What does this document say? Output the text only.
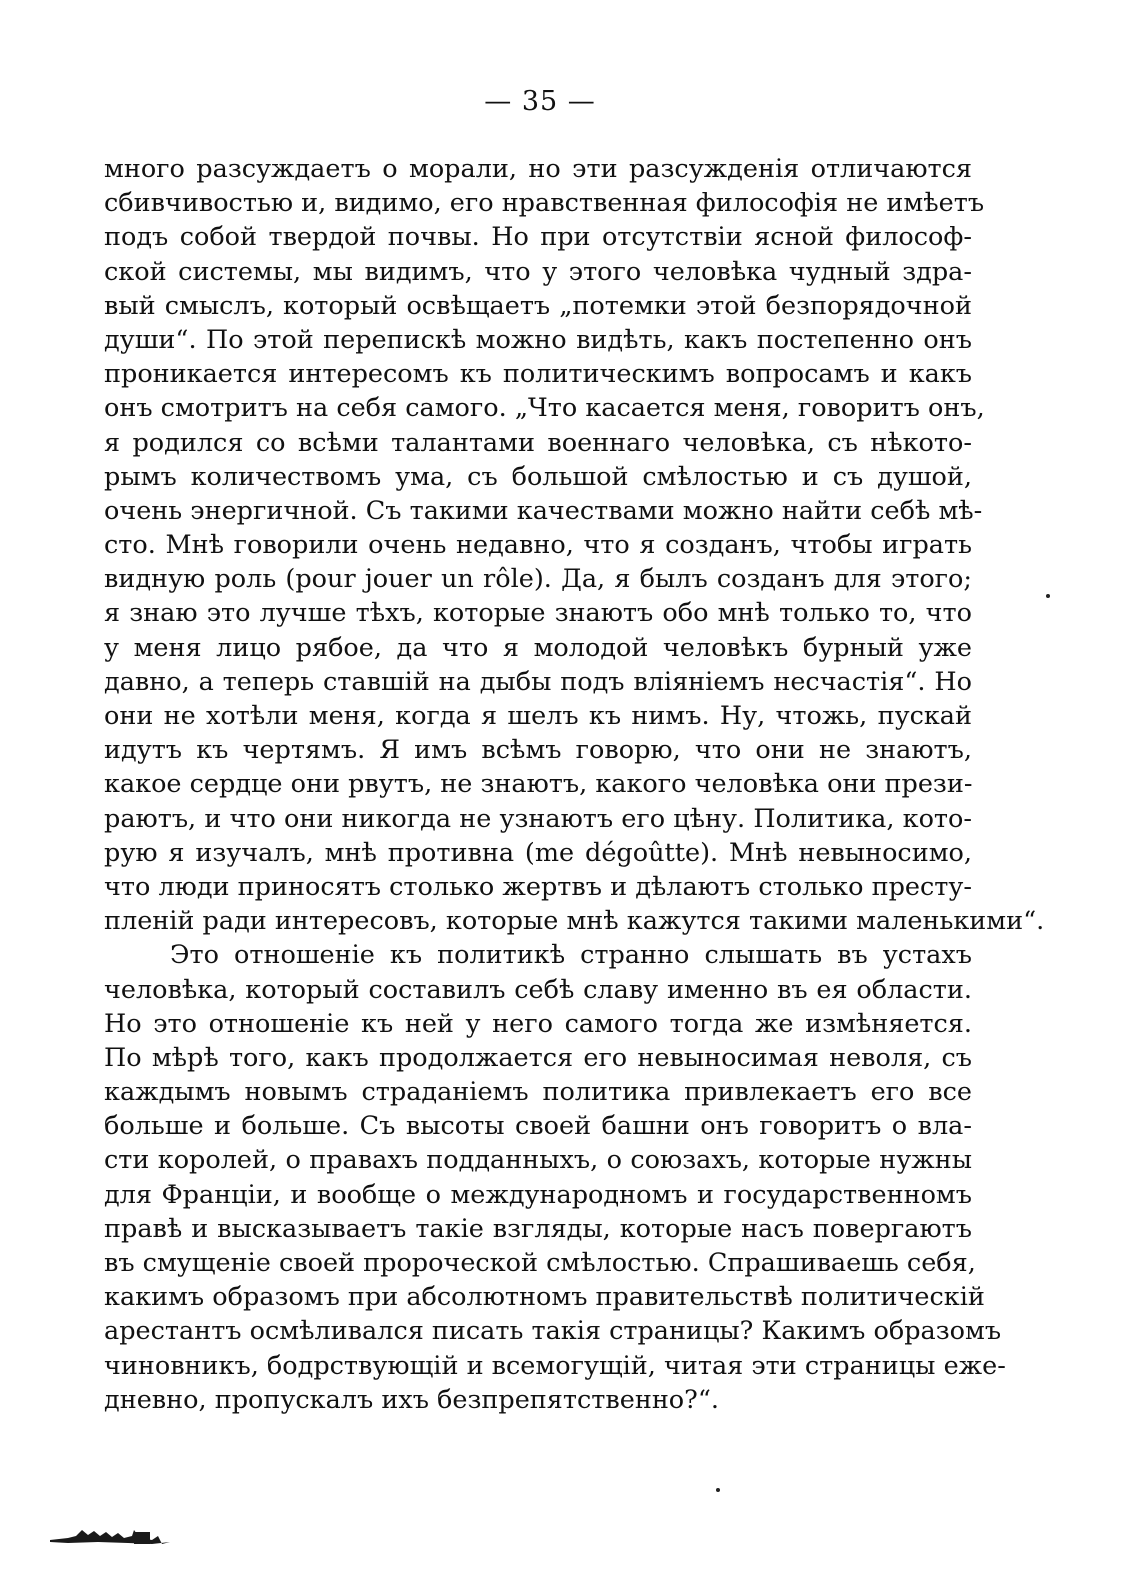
— 35 —
много разсуждаетъ о морали, но эти разсужденія отличаются
сбивчивостью и, видимо, его нравственная философія не имѣетъ
подъ собой твердой почвы. Но при отсутствіи ясной философ-
ской системы, мы видимъ, что у этого человѣка чудный здра-
вый смыслъ, который освѣщаетъ „потемки этой безпорядочной
души“. По этой перепискѣ можно видѣть, какъ постепенно онъ
проникается интересомъ къ политическимъ вопросамъ и какъ
онъ смотритъ на себя самого. „Что касается меня, говоритъ онъ,
я родился со всѣми талантами военнаго человѣка, съ нѣкото-
рымъ количествомъ ума, съ большой смѣлостью и съ душой,
очень энергичной. Съ такими качествами можно найти себѣ мѣ-
сто. Мнѣ говорили очень недавно, что я созданъ, чтобы играть
видную роль (pour jouer un rôle). Да, я былъ созданъ для этого;
я знаю это лучше тѣхъ, которые знаютъ обо мнѣ только то, что
у меня лицо рябое, да что я молодой человѣкъ бурный уже
давно, а теперь ставшій на дыбы подъ вліяніемъ несчастія“. Но
они не хотѣли меня, когда я шелъ къ нимъ. Ну, чтожь, пускай
идутъ къ чертямъ. Я имъ всѣмъ говорю, что они не знаютъ,
какое сердце они рвутъ, не знаютъ, какого человѣка они прези-
раютъ, и что они никогда не узнаютъ его цѣну. Политика, кото-
рую я изучалъ, мнѣ противна (me dégoûtte). Мнѣ невыносимо,
что люди приносятъ столько жертвъ и дѣлаютъ столько престу-
пленій ради интересовъ, которые мнѣ кажутся такими маленькими“.
Это отношеніе къ политикѣ странно слышать въ устахъ
человѣка, который составилъ себѣ славу именно въ ея области.
Но это отношеніе къ ней у него самого тогда же измѣняется.
По мѣрѣ того, какъ продолжается его невыносимая неволя, съ
каждымъ новымъ страданіемъ политика привлекаетъ его все
больше и больше. Съ высоты своей башни онъ говоритъ о вла-
сти королей, о правахъ подданныхъ, о союзахъ, которые нужны
для Франціи, и вообще о международномъ и государственномъ
правѣ и высказываетъ такіе взгляды, которые насъ повергаютъ
въ смущеніе своей пророческой смѣлостью. Спрашиваешь себя,
какимъ образомъ при абсолютномъ правительствѣ политическій
арестантъ осмѣливался писать такія страницы? Какимъ образомъ
чиновникъ, бодрствующій и всемогущій, читая эти страницы еже-
дневно, пропускалъ ихъ безпрепятственно?“.
